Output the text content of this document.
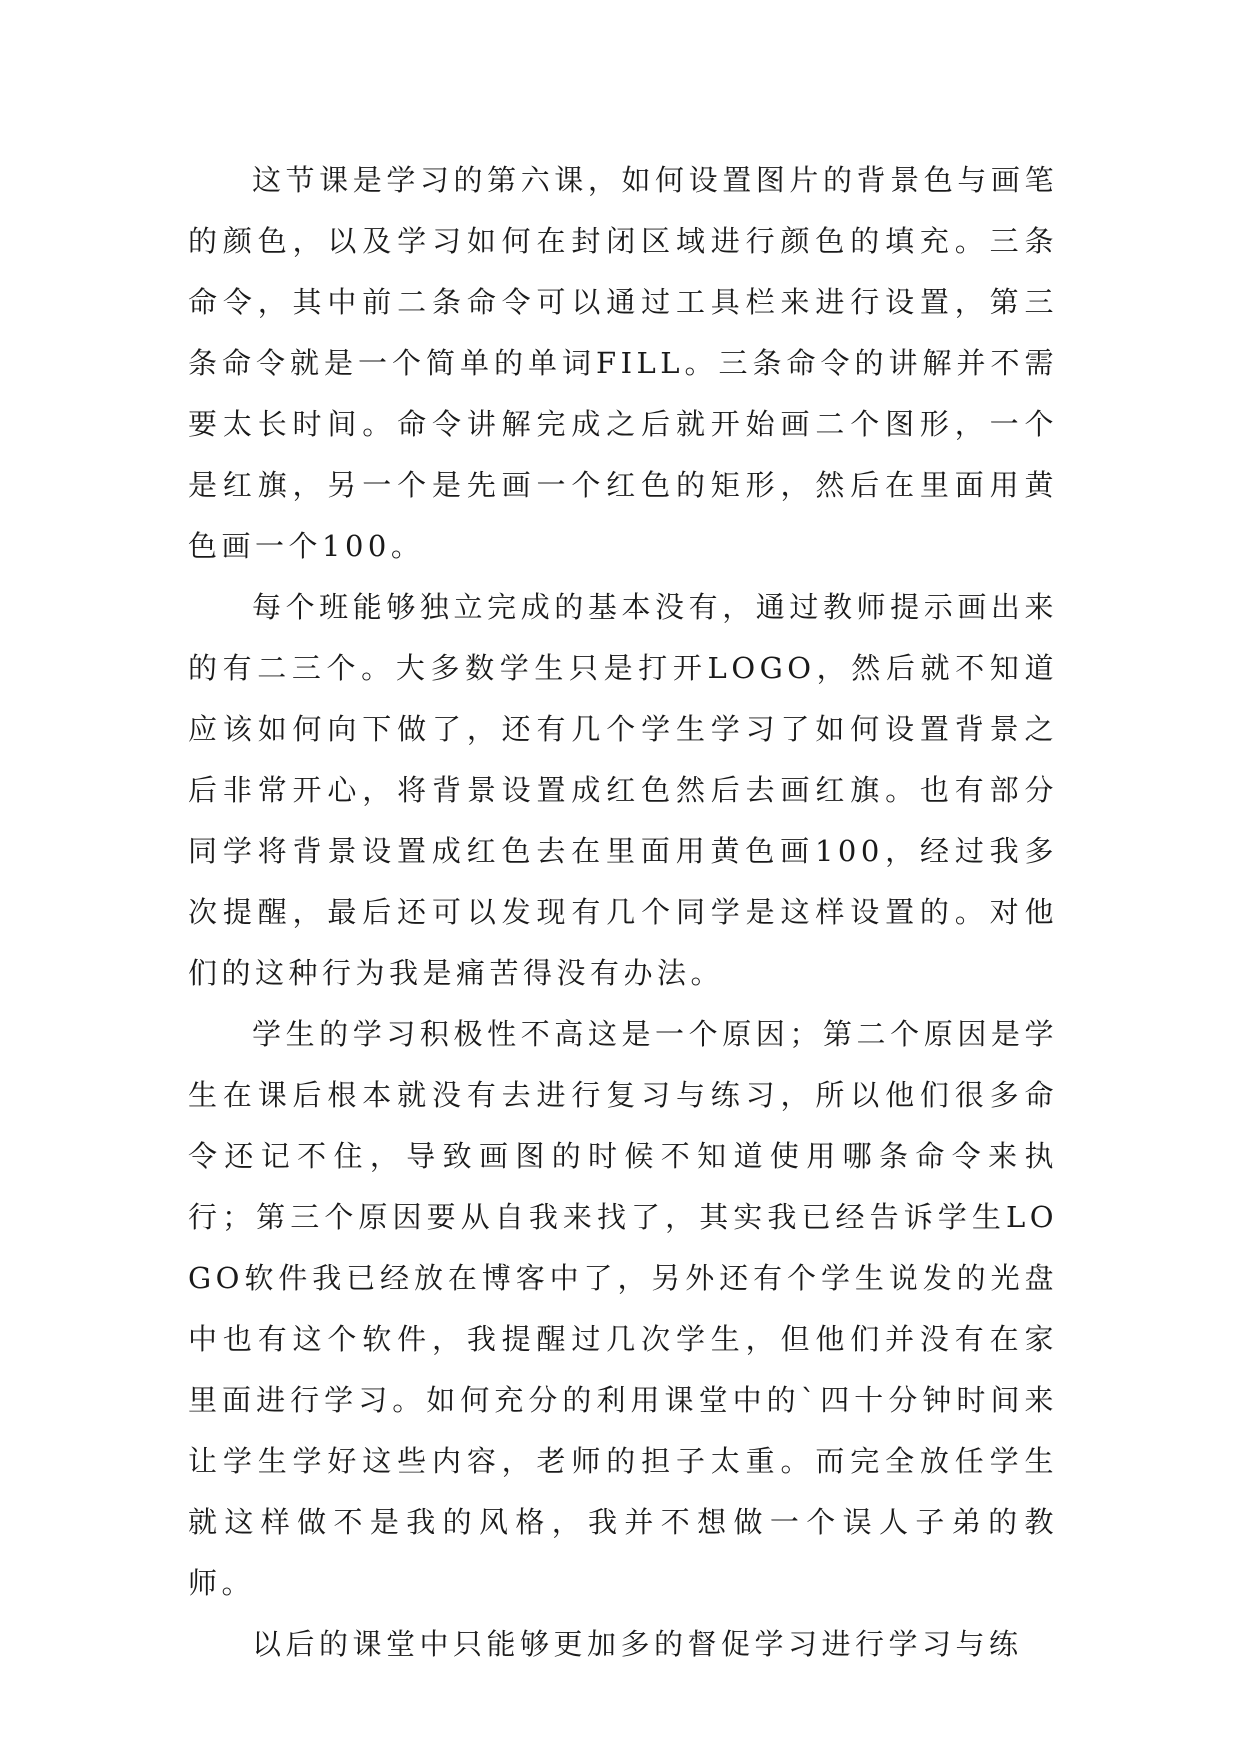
这节课是学习的第六课，如何设置图片的背景色与画笔的颜色，以及学习如何在封闭区域进行颜色的填充。三条命令，其中前二条命令可以通过工具栏来进行设置，第三条命令就是一个简单的单词FILL。三条命令的讲解并不需要太长时间。命令讲解完成之后就开始画二个图形，一个是红旗，另一个是先画一个红色的矩形，然后在里面用黄色画一个100。

每个班能够独立完成的基本没有，通过教师提示画出来的有二三个。大多数学生只是打开LOGO，然后就不知道应该如何向下做了，还有几个学生学习了如何设置背景之后非常开心，将背景设置成红色然后去画红旗。也有部分同学将背景设置成红色去在里面用黄色画100，经过我多次提醒，最后还可以发现有几个同学是这样设置的。对他们的这种行为我是痛苦得没有办法。

学生的学习积极性不高这是一个原因；第二个原因是学生在课后根本就没有去进行复习与练习，所以他们很多命令还记不住，导致画图的时候不知道使用哪条命令来执行；第三个原因要从自我来找了，其实我已经告诉学生LOGO软件我已经放在博客中了，另外还有个学生说发的光盘中也有这个软件，我提醒过几次学生，但他们并没有在家里面进行学习。如何充分的利用课堂中的`四十分钟时间来让学生学好这些内容，老师的担子太重。而完全放任学生就这样做不是我的风格，我并不想做一个误人子弟的教师。

以后的课堂中只能够更加多的督促学习进行学习与练
